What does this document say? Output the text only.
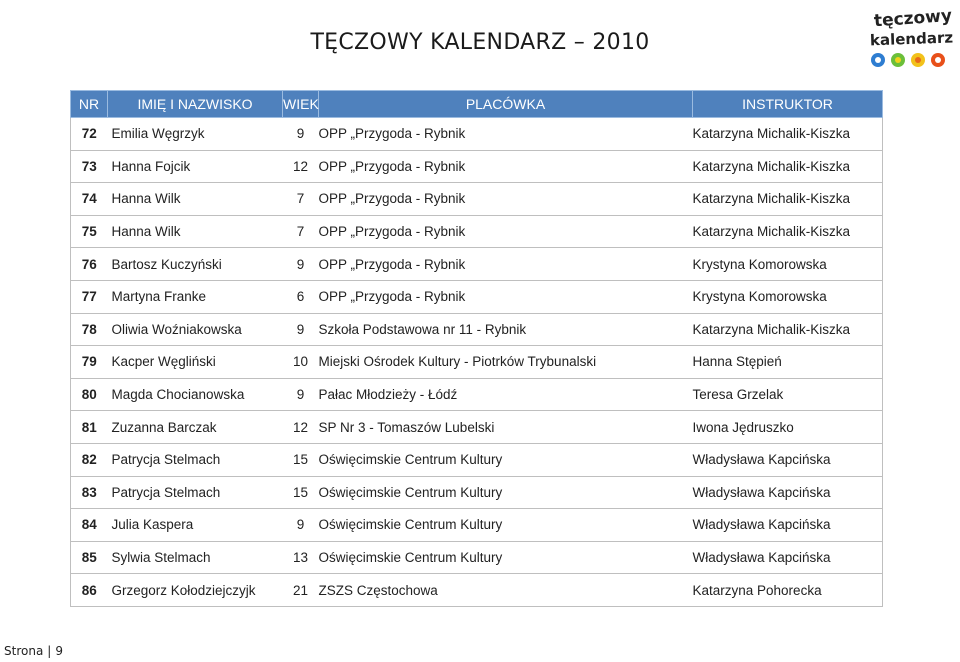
TĘCZOWY KALENDARZ – 2010
tęczowy
kalendarz
NR	IMIĘ I NAZWISKO	WIEK	PLACÓWKA	INSTRUKTOR
72	Emilia Węgrzyk	9	OPP „Przygoda - Rybnik	Katarzyna Michalik-Kiszka
73	Hanna Fojcik	12	OPP „Przygoda - Rybnik	Katarzyna Michalik-Kiszka
74	Hanna Wilk	7	OPP „Przygoda - Rybnik	Katarzyna Michalik-Kiszka
75	Hanna Wilk	7	OPP „Przygoda - Rybnik	Katarzyna Michalik-Kiszka
76	Bartosz Kuczyński	9	OPP „Przygoda - Rybnik	Krystyna Komorowska
77	Martyna Franke	6	OPP „Przygoda - Rybnik	Krystyna Komorowska
78	Oliwia Woźniakowska	9	Szkoła Podstawowa nr 11 - Rybnik	Katarzyna Michalik-Kiszka
79	Kacper Węgliński	10	Miejski Ośrodek Kultury - Piotrków Trybunalski	Hanna Stępień
80	Magda Chocianowska	9	Pałac Młodzieży - Łódź	Teresa Grzelak
81	Zuzanna Barczak	12	SP Nr 3 - Tomaszów Lubelski	Iwona Jędruszko
82	Patrycja Stelmach	15	Oświęcimskie Centrum Kultury	Władysława Kapcińska
83	Patrycja Stelmach	15	Oświęcimskie Centrum Kultury	Władysława Kapcińska
84	Julia Kaspera	9	Oświęcimskie Centrum Kultury	Władysława Kapcińska
85	Sylwia Stelmach	13	Oświęcimskie Centrum Kultury	Władysława Kapcińska
86	Grzegorz Kołodziejczyjk	21	ZSZS Częstochowa	Katarzyna Pohorecka
Strona | 9
